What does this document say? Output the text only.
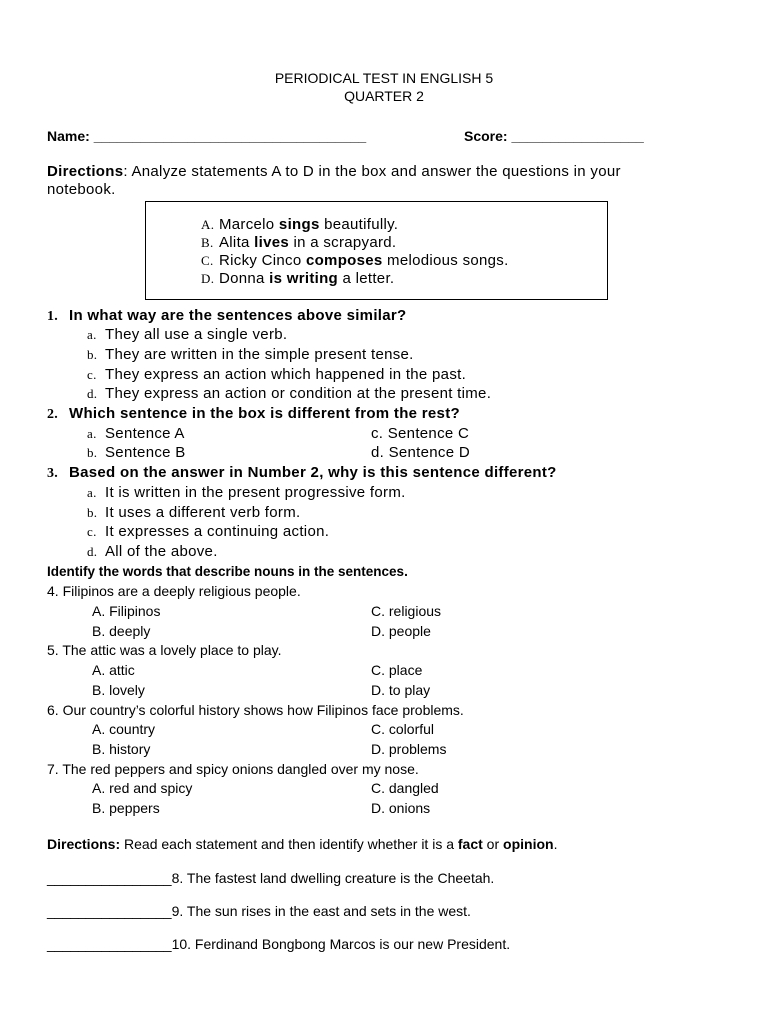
PERIODICAL TEST IN ENGLISH 5
QUARTER 2
Name: ___________________________________	Score: _________________
Directions: Analyze statements A to D in the box and answer the questions in your
notebook.
A. Marcelo sings beautifully.
B. Alita lives in a scrapyard.
C. Ricky Cinco composes melodious songs.
D. Donna is writing a letter.
1. In what way are the sentences above similar?
a. They all use a single verb.
b. They are written in the simple present tense.
c. They express an action which happened in the past.
d. They express an action or condition at the present time.
2. Which sentence in the box is different from the rest?
a. Sentence A
b. Sentence B
c. Sentence C
d. Sentence D
3. Based on the answer in Number 2, why is this sentence different?
a. It is written in the present progressive form.
b. It uses a different verb form.
c. It expresses a continuing action.
d. All of the above.
Identify the words that describe nouns in the sentences.
4. Filipinos are a deeply religious people.
A. Filipinos
B. deeply
C. religious
D. people
5. The attic was a lovely place to play.
A. attic
B. lovely
C. place
D. to play
6. Our country’s colorful history shows how Filipinos face problems.
A. country
B. history
C. colorful
D. problems
7. The red peppers and spicy onions dangled over my nose.
A. red and spicy
B. peppers
C. dangled
D. onions
Directions: Read each statement and then identify whether it is a fact or opinion.
________________8. The fastest land dwelling creature is the Cheetah.
________________9. The sun rises in the east and sets in the west.
________________10. Ferdinand Bongbong Marcos is our new President.
